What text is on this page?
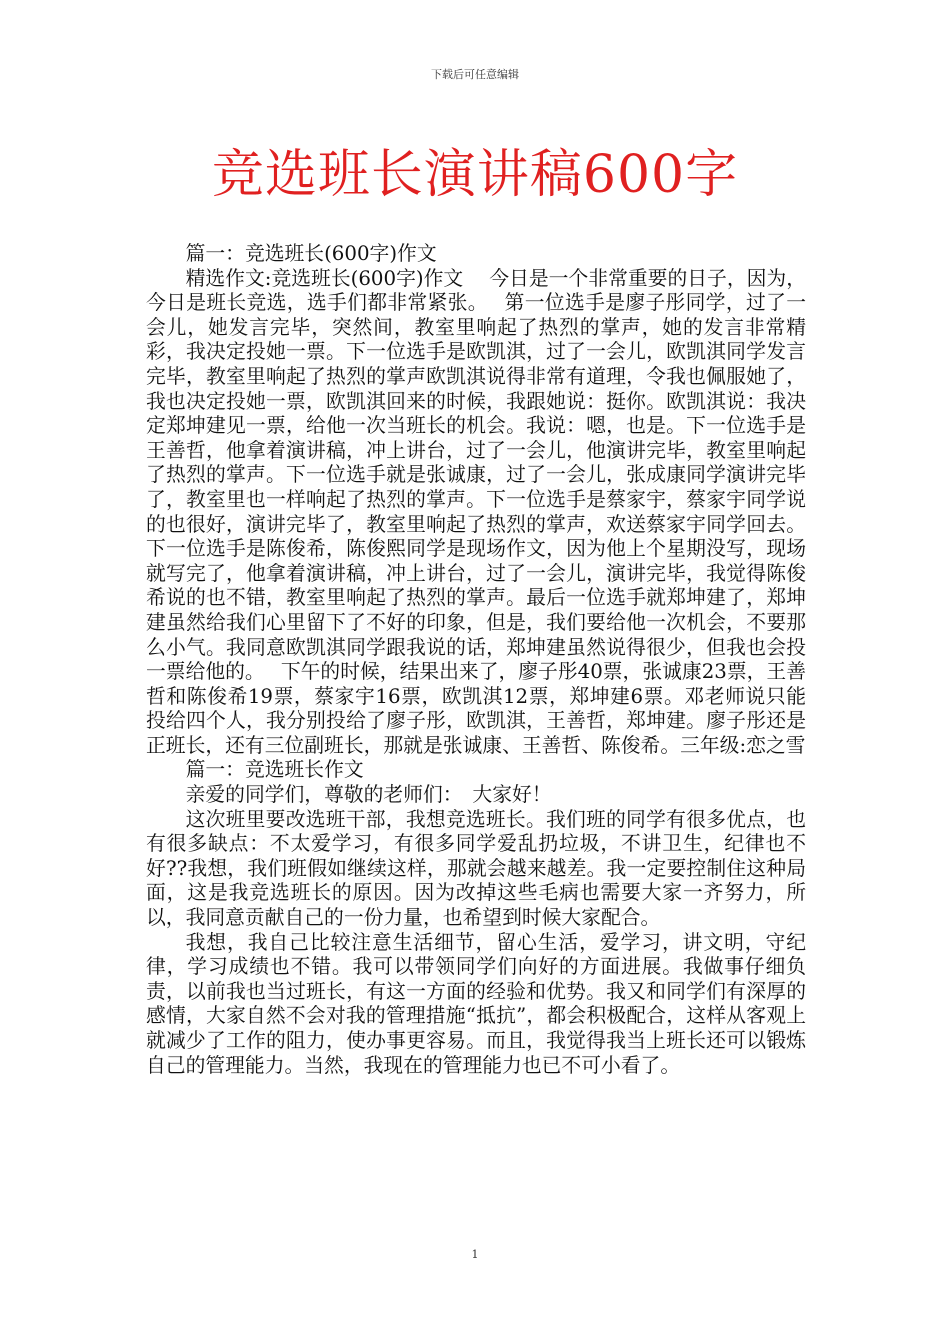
下载后可任意编辑
竞选班长演讲稿600字

篇一：竞选班长(600字)作文

精选作文:竞选班长(600字)作文　 今日是一个非常重要的日子，因为，今日是班长竞选，选手们都非常紧张。　 第一位选手是廖子彤同学，过了一会儿，她发言完毕，突然间，教室里响起了热烈的掌声，她的发言非常精彩，我决定投她一票。下一位选手是欧凯淇，过了一会儿，欧凯淇同学发言完毕，教室里响起了热烈的掌声欧凯淇说得非常有道理，令我也佩服她了，我也决定投她一票，欧凯淇回来的时候，我跟她说：挺你。欧凯淇说：我决定郑坤建见一票，给他一次当班长的机会。我说：嗯，也是。下一位选手是王善哲，他拿着演讲稿，冲上讲台，过了一会儿，他演讲完毕，教室里响起了热烈的掌声。下一位选手就是张诚康，过了一会儿，张成康同学演讲完毕了，教室里也一样响起了热烈的掌声。下一位选手是蔡家宇，蔡家宇同学说的也很好，演讲完毕了，教室里响起了热烈的掌声，欢送蔡家宇同学回去。下一位选手是陈俊希，陈俊熙同学是现场作文，因为他上个星期没写，现场就写完了，他拿着演讲稿，冲上讲台，过了一会儿，演讲完毕，我觉得陈俊希说的也不错，教室里响起了热烈的掌声。最后一位选手就郑坤建了，郑坤建虽然给我们心里留下了不好的印象，但是，我们要给他一次机会，不要那么小气。我同意欧凯淇同学跟我说的话，郑坤建虽然说得很少，但我也会投一票给他的。　 下午的时候，结果出来了，廖子彤40票，张诚康23票，王善哲和陈俊希19票，蔡家宇16票，欧凯淇12票，郑坤建6票。邓老师说只能投给四个人，我分别投给了廖子彤，欧凯淇，王善哲，郑坤建。廖子彤还是正班长，还有三位副班长，那就是张诚康、王善哲、陈俊希。三年级:恋之雪

篇一：竞选班长作文

亲爱的同学们，尊敬的老师们：　大家好！

这次班里要改选班干部，我想竞选班长。我们班的同学有很多优点，也有很多缺点：不太爱学习，有很多同学爱乱扔垃圾，不讲卫生，纪律也不好??我想，我们班假如继续这样，那就会越来越差。我一定要控制住这种局面，这是我竞选班长的原因。因为改掉这些毛病也需要大家一齐努力，所以，我同意贡献自己的一份力量，也希望到时候大家配合。

我想，我自己比较注意生活细节，留心生活，爱学习，讲文明，守纪律，学习成绩也不错。我可以带领同学们向好的方面进展。我做事仔细负责，以前我也当过班长，有这一方面的经验和优势。我又和同学们有深厚的感情，大家自然不会对我的管理措施“抵抗”，都会积极配合，这样从客观上就减少了工作的阻力，使办事更容易。而且，我觉得我当上班长还可以锻炼自己的管理能力。当然，我现在的管理能力也已不可小看了。

1
